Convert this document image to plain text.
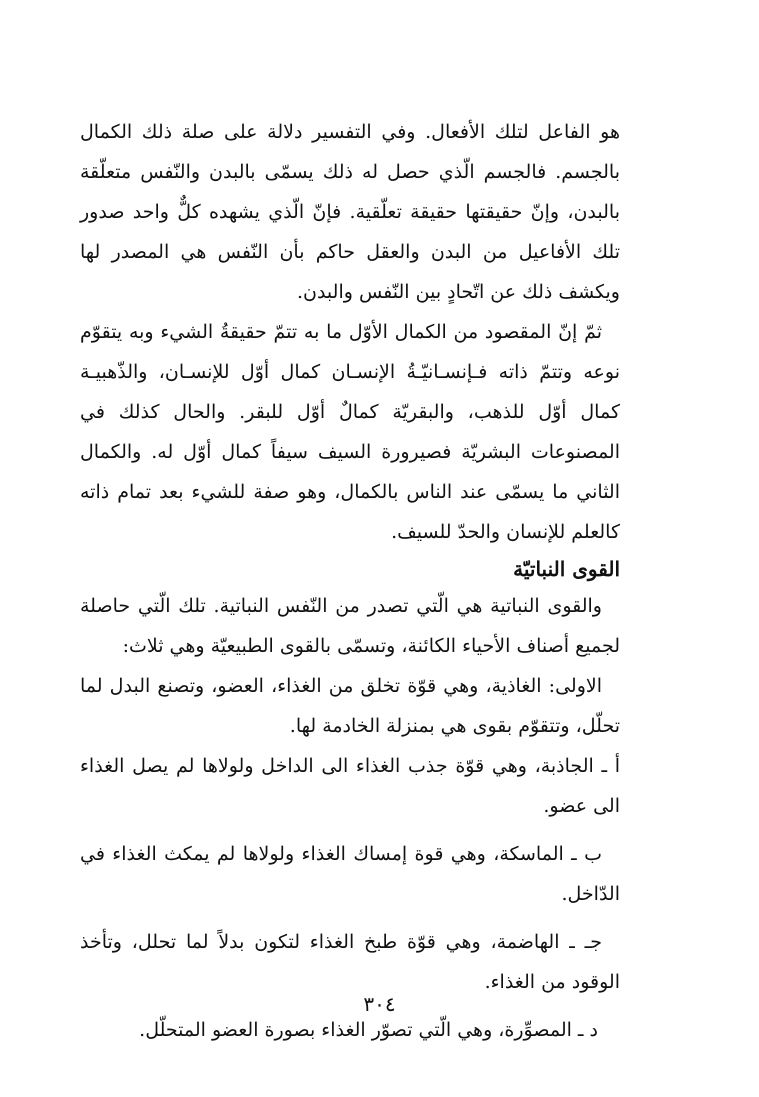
هو الفاعل لتلك الأفعال. وفي التفسير دلالة على صلة ذلك الكمال بالجسم. فالجسم الّذي حصل له ذلك يسمّى بالبدن والنّفس متعلّقة بالبدن، وإنّ حقيقتها حقيقة تعلّقية. فإنّ الّذي يشهده كلٌّ واحد صدور تلك الأفاعيل من البدن والعقل حاكم بأن النّفس هي المصدر لها ويكشف ذلك عن اتّحادٍ بين النّفس والبدن.

ثمّ إنّ المقصود من الكمال الأوّل ما به تتمّ حقيقةُ الشيء وبه يتقوّم نوعه وتتمّ ذاته فـإنسـانيّـةُ الإنسـان كمال أوّل للإنسـان، والذّهبيـة كمال أوّل للذهب، والبقريّة كمالٌ أوّل للبقر. والحال كذلك في المصنوعات البشريّة فصيرورة السيف سيفاً كمال أوّل له. والكمال الثاني ما يسمّى عند الناس بالكمال، وهو صفة للشيء بعد تمام ذاته كالعلم للإنسان والحدّ للسيف.

القوى النباتيّة

والقوى النباتية هي الّتي تصدر من النّفس النباتية. تلك الّتي حاصلة لجميع أصناف الأحياء الكائنة، وتسمّى بالقوى الطبيعيّة وهي ثلاث:

الاولى: الغاذية، وهي قوّة تخلق من الغذاء، العضو، وتصنع البدل لما تحلّل، وتتقوّم بقوى هي بمنزلة الخادمة لها.

أ ـ الجاذبة، وهي قوّة جذب الغذاء الى الداخل ولولاها لم يصل الغذاء الى عضو.

ب ـ الماسكة، وهي قوة إمساك الغذاء ولولاها لم يمكث الغذاء في الدّاخل.

جـ ـ الهاضمة، وهي قوّة طبخ الغذاء لتكون بدلاً لما تحلل، وتأخذ الوقود من الغذاء.

د ـ المصوِّرة، وهي الّتي تصوّر الغذاء بصورة العضو المتحلّل.

٣٠٤
